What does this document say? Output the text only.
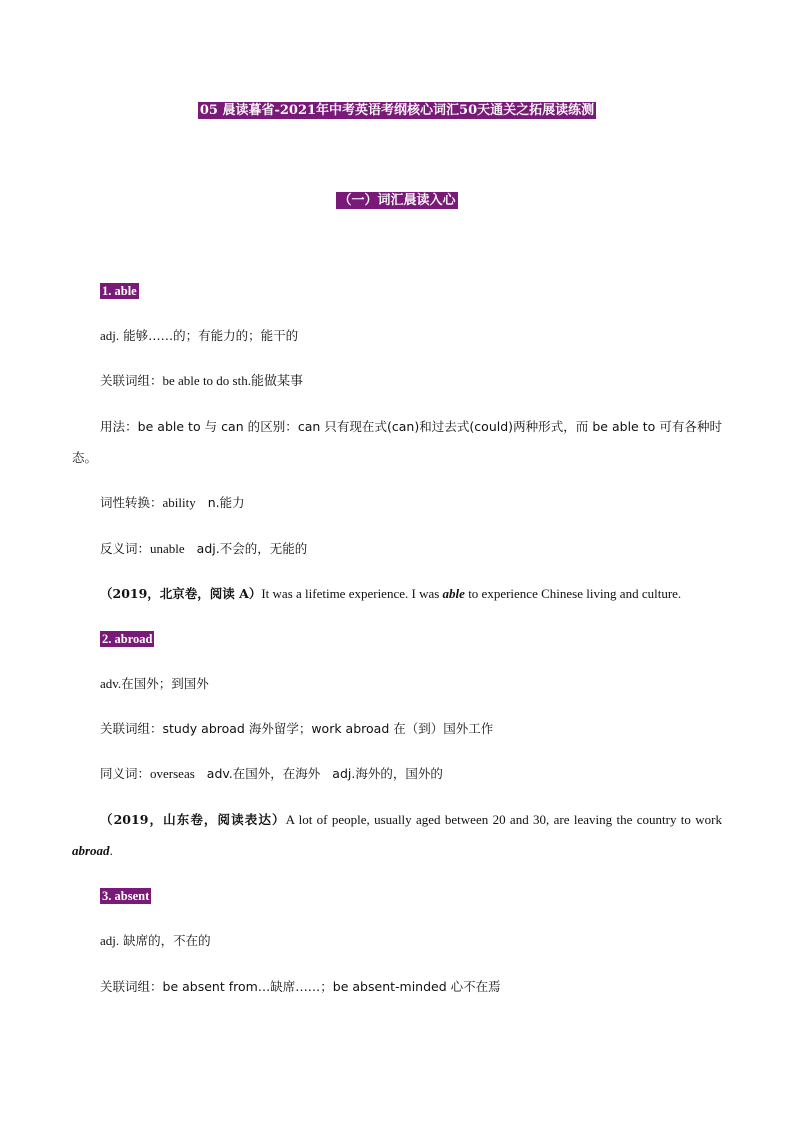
05 晨读暮省-2021年中考英语考纲核心词汇50天通关之拓展读练测
（一）词汇晨读入心
1. able
adj. 能够……的；有能力的；能干的
关联词组：be able to do sth.能做某事
用法：be able to 与 can 的区别：can 只有现在式(can)和过去式(could)两种形式，而 be able to 可有各种时态。
词性转换：ability n.能力
反义词：unable adj.不会的，无能的
（2019，北京卷，阅读 A）It was a lifetime experience. I was able to experience Chinese living and culture.
2. abroad
adv.在国外；到国外
关联词组：study abroad 海外留学；work abroad 在（到）国外工作
同义词：overseas adv.在国外，在海外 adj.海外的，国外的
（2019，山东卷，阅读表达）A lot of people, usually aged between 20 and 30, are leaving the country to work abroad.
3. absent
adj. 缺席的，不在的
关联词组：be absent from…缺席……；be absent-minded 心不在焉
